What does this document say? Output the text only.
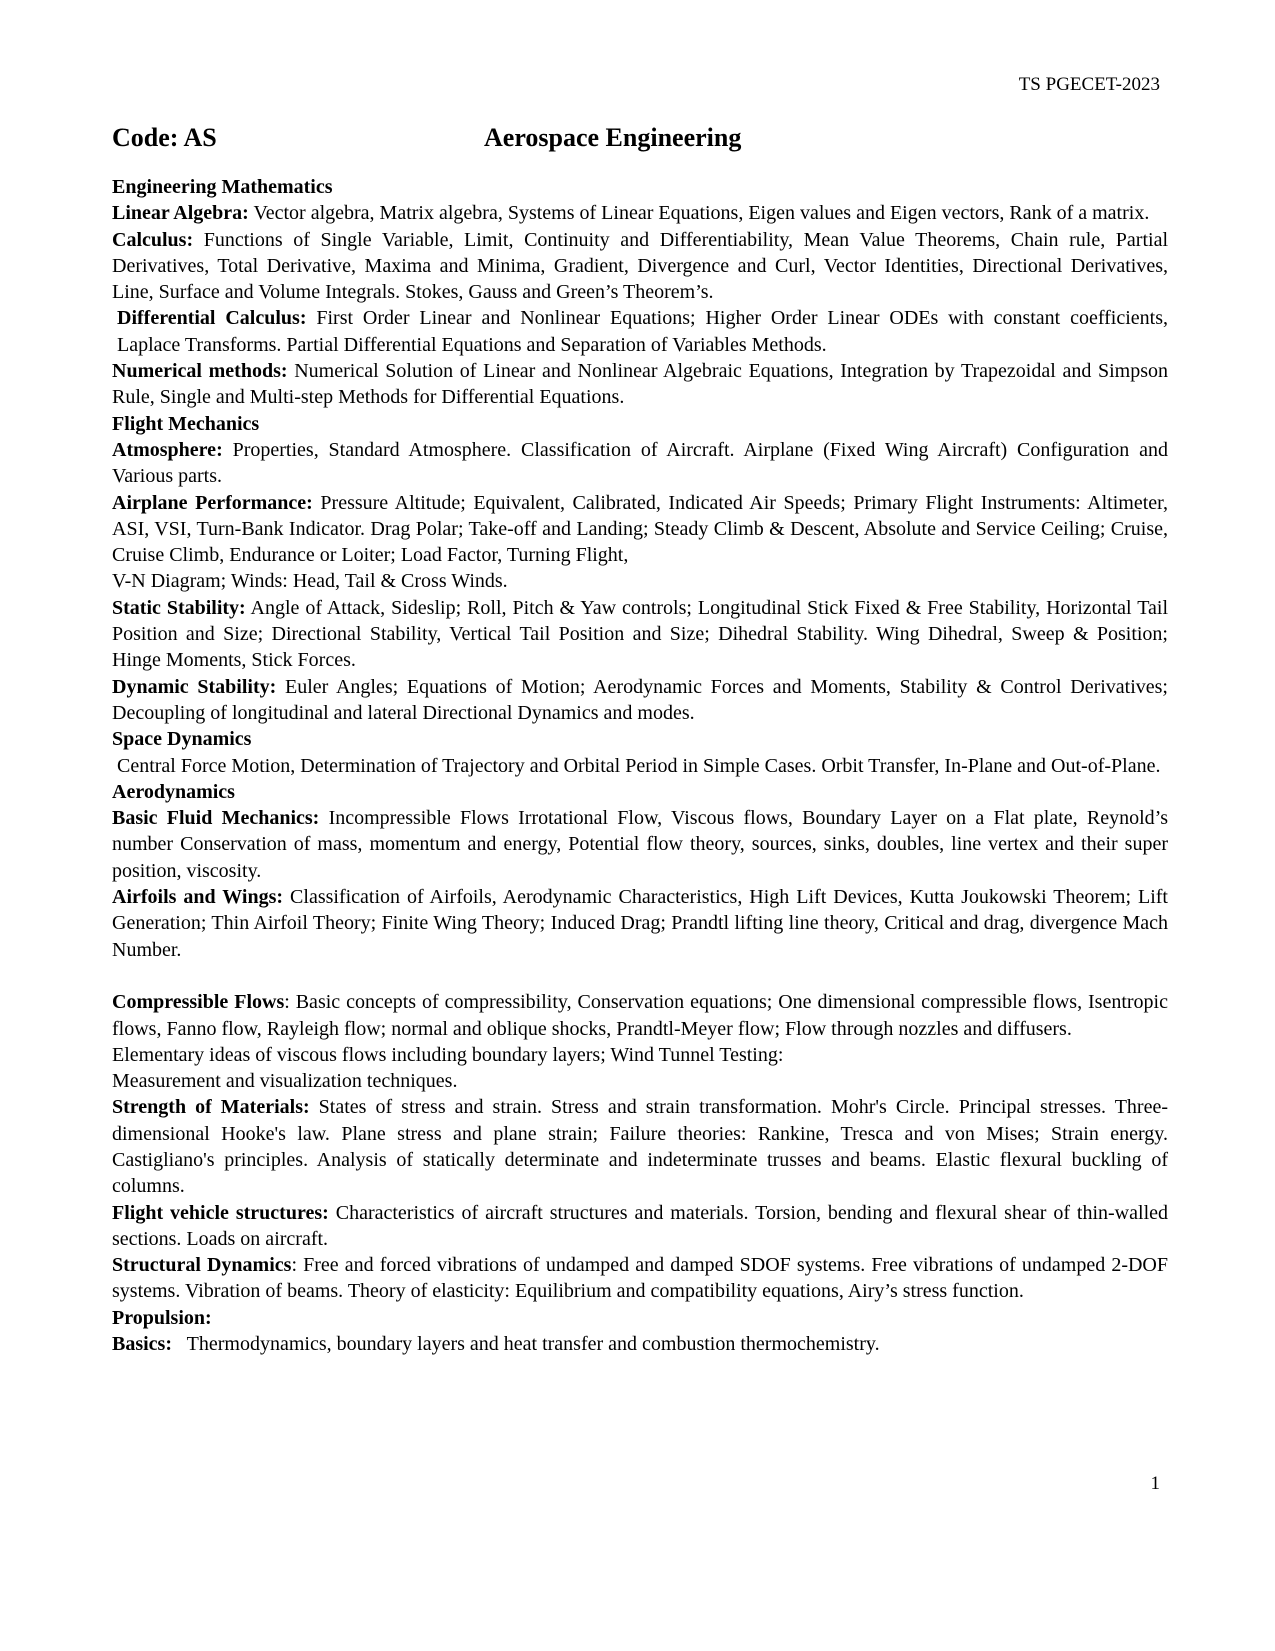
TS PGECET-2023
Code: AS	Aerospace Engineering

Engineering Mathematics

Linear Algebra: Vector algebra, Matrix algebra, Systems of Linear Equations, Eigen values and Eigen vectors, Rank of a matrix.

Calculus: Functions of Single Variable, Limit, Continuity and Differentiability, Mean Value Theorems, Chain rule, Partial Derivatives, Total Derivative, Maxima and Minima, Gradient, Divergence and Curl, Vector Identities, Directional Derivatives, Line, Surface and Volume Integrals. Stokes, Gauss and Green’s Theorem’s.

Differential Calculus: First Order Linear and Nonlinear Equations; Higher Order Linear ODEs with constant coefficients, Laplace Transforms. Partial Differential Equations and Separation of Variables Methods.

Numerical methods: Numerical Solution of Linear and Nonlinear Algebraic Equations, Integration by Trapezoidal and Simpson Rule, Single and Multi-step Methods for Differential Equations.

Flight Mechanics

Atmosphere: Properties, Standard Atmosphere. Classification of Aircraft. Airplane (Fixed Wing Aircraft) Configuration and Various parts.

Airplane Performance: Pressure Altitude; Equivalent, Calibrated, Indicated Air Speeds; Primary Flight Instruments: Altimeter, ASI, VSI, Turn-Bank Indicator. Drag Polar; Take-off and Landing; Steady Climb & Descent, Absolute and Service Ceiling; Cruise, Cruise Climb, Endurance or Loiter; Load Factor, Turning Flight,

V-N Diagram; Winds: Head, Tail & Cross Winds.

Static Stability: Angle of Attack, Sideslip; Roll, Pitch & Yaw controls; Longitudinal Stick Fixed & Free Stability, Horizontal Tail Position and Size; Directional Stability, Vertical Tail Position and Size; Dihedral Stability. Wing Dihedral, Sweep & Position; Hinge Moments, Stick Forces.

Dynamic Stability: Euler Angles; Equations of Motion; Aerodynamic Forces and Moments, Stability & Control Derivatives; Decoupling of longitudinal and lateral Directional Dynamics and modes.

Space Dynamics

Central Force Motion, Determination of Trajectory and Orbital Period in Simple Cases. Orbit Transfer, In-Plane and Out-of-Plane.

Aerodynamics

Basic Fluid Mechanics: Incompressible Flows Irrotational Flow, Viscous flows, Boundary Layer on a Flat plate, Reynold’s number Conservation of mass, momentum and energy, Potential flow theory, sources, sinks, doubles, line vertex and their super position, viscosity.

Airfoils and Wings: Classification of Airfoils, Aerodynamic Characteristics, High Lift Devices, Kutta Joukowski Theorem; Lift Generation; Thin Airfoil Theory; Finite Wing Theory; Induced Drag; Prandtl lifting line theory, Critical and drag, divergence Mach Number.

Compressible Flows: Basic concepts of compressibility, Conservation equations; One dimensional compressible flows, Isentropic flows, Fanno flow, Rayleigh flow; normal and oblique shocks, Prandtl-Meyer flow; Flow through nozzles and diffusers.

Elementary ideas of viscous flows including boundary layers; Wind Tunnel Testing:

Measurement and visualization techniques.

Strength of Materials: States of stress and strain. Stress and strain transformation. Mohr's Circle. Principal stresses. Three-dimensional Hooke's law. Plane stress and plane strain; Failure theories: Rankine, Tresca and von Mises; Strain energy. Castigliano's principles. Analysis of statically determinate and indeterminate trusses and beams. Elastic flexural buckling of columns.

Flight vehicle structures: Characteristics of aircraft structures and materials. Torsion, bending and flexural shear of thin-walled sections. Loads on aircraft.

Structural Dynamics: Free and forced vibrations of undamped and damped SDOF systems. Free vibrations of undamped 2-DOF systems. Vibration of beams. Theory of elasticity: Equilibrium and compatibility equations, Airy’s stress function.

Propulsion:

Basics:   Thermodynamics, boundary layers and heat transfer and combustion thermochemistry.

1
